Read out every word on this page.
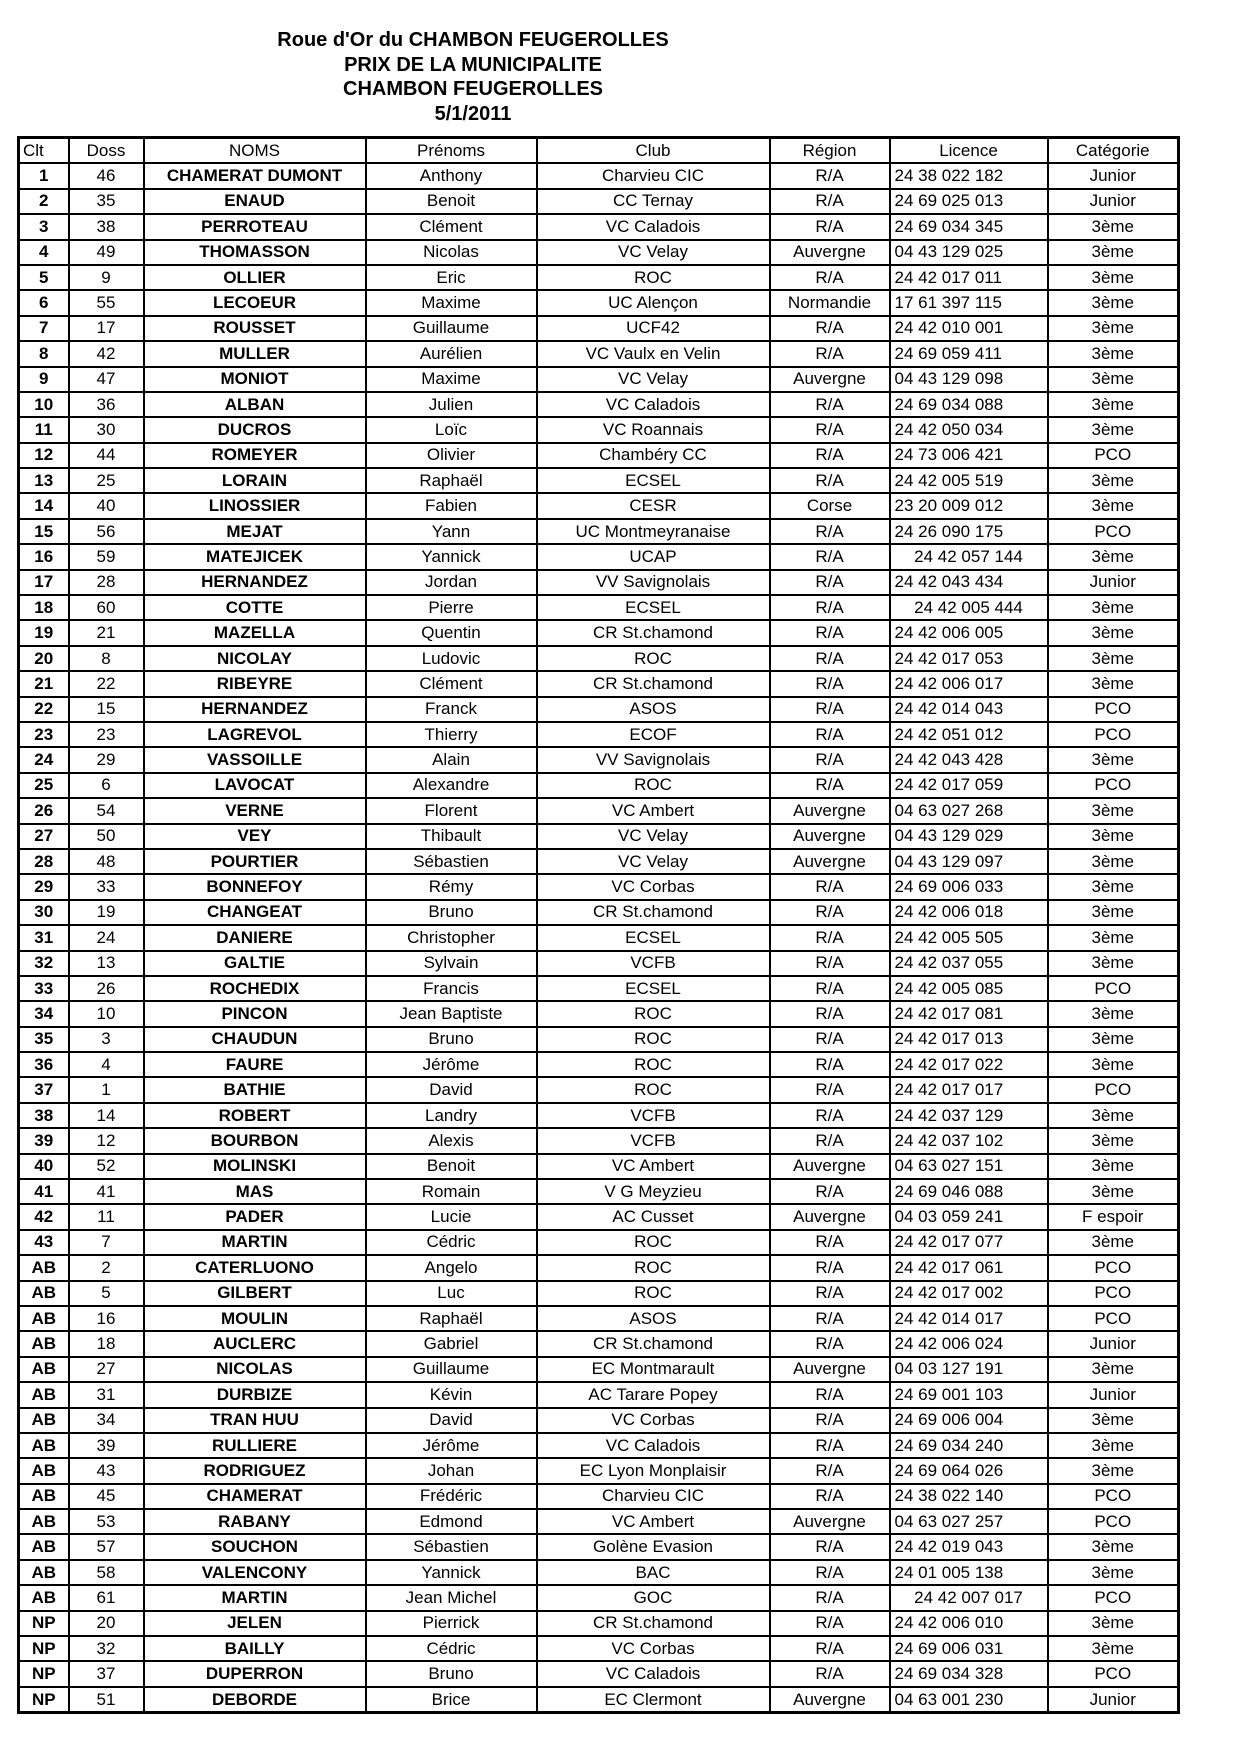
Roue d'Or du CHAMBON FEUGEROLLES
PRIX DE LA MUNICIPALITE
CHAMBON FEUGEROLLES
5/1/2011
Clt	Doss	NOMS	Prénoms	Club	Région	Licence	Catégorie
1	46	CHAMERAT DUMONT	Anthony	Charvieu CIC	R/A	24 38 022 182	Junior
2	35	ENAUD	Benoit	CC Ternay	R/A	24 69 025 013	Junior
3	38	PERROTEAU	Clément	VC Caladois	R/A	24 69 034 345	3ème
4	49	THOMASSON	Nicolas	VC Velay	Auvergne	04 43 129 025	3ème
5	9	OLLIER	Eric	ROC	R/A	24 42 017 011	3ème
6	55	LECOEUR	Maxime	UC Alençon	Normandie	17 61 397 115	3ème
7	17	ROUSSET	Guillaume	UCF42	R/A	24 42 010 001	3ème
8	42	MULLER	Aurélien	VC Vaulx en Velin	R/A	24 69 059 411	3ème
9	47	MONIOT	Maxime	VC Velay	Auvergne	04 43 129 098	3ème
10	36	ALBAN	Julien	VC Caladois	R/A	24 69 034 088	3ème
11	30	DUCROS	Loïc	VC Roannais	R/A	24 42 050 034	3ème
12	44	ROMEYER	Olivier	Chambéry CC	R/A	24 73 006 421	PCO
13	25	LORAIN	Raphaël	ECSEL	R/A	24 42 005 519	3ème
14	40	LINOSSIER	Fabien	CESR	Corse	23 20 009 012	3ème
15	56	MEJAT	Yann	UC Montmeyranaise	R/A	24 26 090 175	PCO
16	59	MATEJICEK	Yannick	UCAP	R/A	24 42 057 144	3ème
17	28	HERNANDEZ	Jordan	VV Savignolais	R/A	24 42 043 434	Junior
18	60	COTTE	Pierre	ECSEL	R/A	24 42 005 444	3ème
19	21	MAZELLA	Quentin	CR St.chamond	R/A	24 42 006 005	3ème
20	8	NICOLAY	Ludovic	ROC	R/A	24 42 017 053	3ème
21	22	RIBEYRE	Clément	CR St.chamond	R/A	24 42 006 017	3ème
22	15	HERNANDEZ	Franck	ASOS	R/A	24 42 014 043	PCO
23	23	LAGREVOL	Thierry	ECOF	R/A	24 42 051 012	PCO
24	29	VASSOILLE	Alain	VV Savignolais	R/A	24 42 043 428	3ème
25	6	LAVOCAT	Alexandre	ROC	R/A	24 42 017 059	PCO
26	54	VERNE	Florent	VC Ambert	Auvergne	04 63 027 268	3ème
27	50	VEY	Thibault	VC Velay	Auvergne	04 43 129 029	3ème
28	48	POURTIER	Sébastien	VC Velay	Auvergne	04 43 129 097	3ème
29	33	BONNEFOY	Rémy	VC Corbas	R/A	24 69 006 033	3ème
30	19	CHANGEAT	Bruno	CR St.chamond	R/A	24 42 006 018	3ème
31	24	DANIERE	Christopher	ECSEL	R/A	24 42 005 505	3ème
32	13	GALTIE	Sylvain	VCFB	R/A	24 42 037 055	3ème
33	26	ROCHEDIX	Francis	ECSEL	R/A	24 42 005 085	PCO
34	10	PINCON	Jean Baptiste	ROC	R/A	24 42 017 081	3ème
35	3	CHAUDUN	Bruno	ROC	R/A	24 42 017 013	3ème
36	4	FAURE	Jérôme	ROC	R/A	24 42 017 022	3ème
37	1	BATHIE	David	ROC	R/A	24 42 017 017	PCO
38	14	ROBERT	Landry	VCFB	R/A	24 42 037 129	3ème
39	12	BOURBON	Alexis	VCFB	R/A	24 42 037 102	3ème
40	52	MOLINSKI	Benoit	VC Ambert	Auvergne	04 63 027 151	3ème
41	41	MAS	Romain	V G Meyzieu	R/A	24 69 046 088	3ème
42	11	PADER	Lucie	AC Cusset	Auvergne	04 03 059 241	F espoir
43	7	MARTIN	Cédric	ROC	R/A	24 42 017 077	3ème
AB	2	CATERLUONO	Angelo	ROC	R/A	24 42 017 061	PCO
AB	5	GILBERT	Luc	ROC	R/A	24 42 017 002	PCO
AB	16	MOULIN	Raphaël	ASOS	R/A	24 42 014 017	PCO
AB	18	AUCLERC	Gabriel	CR St.chamond	R/A	24 42 006 024	Junior
AB	27	NICOLAS	Guillaume	EC Montmarault	Auvergne	04 03 127 191	3ème
AB	31	DURBIZE	Kévin	AC Tarare Popey	R/A	24 69 001 103	Junior
AB	34	TRAN HUU	David	VC Corbas	R/A	24 69 006 004	3ème
AB	39	RULLIERE	Jérôme	VC Caladois	R/A	24 69 034 240	3ème
AB	43	RODRIGUEZ	Johan	EC Lyon Monplaisir	R/A	24 69 064 026	3ème
AB	45	CHAMERAT	Frédéric	Charvieu CIC	R/A	24 38 022 140	PCO
AB	53	RABANY	Edmond	VC Ambert	Auvergne	04 63 027 257	PCO
AB	57	SOUCHON	Sébastien	Golène Evasion	R/A	24 42 019 043	3ème
AB	58	VALENCONY	Yannick	BAC	R/A	24 01 005 138	3ème
AB	61	MARTIN	Jean Michel	GOC	R/A	24 42 007 017	PCO
NP	20	JELEN	Pierrick	CR St.chamond	R/A	24 42 006 010	3ème
NP	32	BAILLY	Cédric	VC Corbas	R/A	24 69 006 031	3ème
NP	37	DUPERRON	Bruno	VC Caladois	R/A	24 69 034 328	PCO
NP	51	DEBORDE	Brice	EC Clermont	Auvergne	04 63 001 230	Junior
